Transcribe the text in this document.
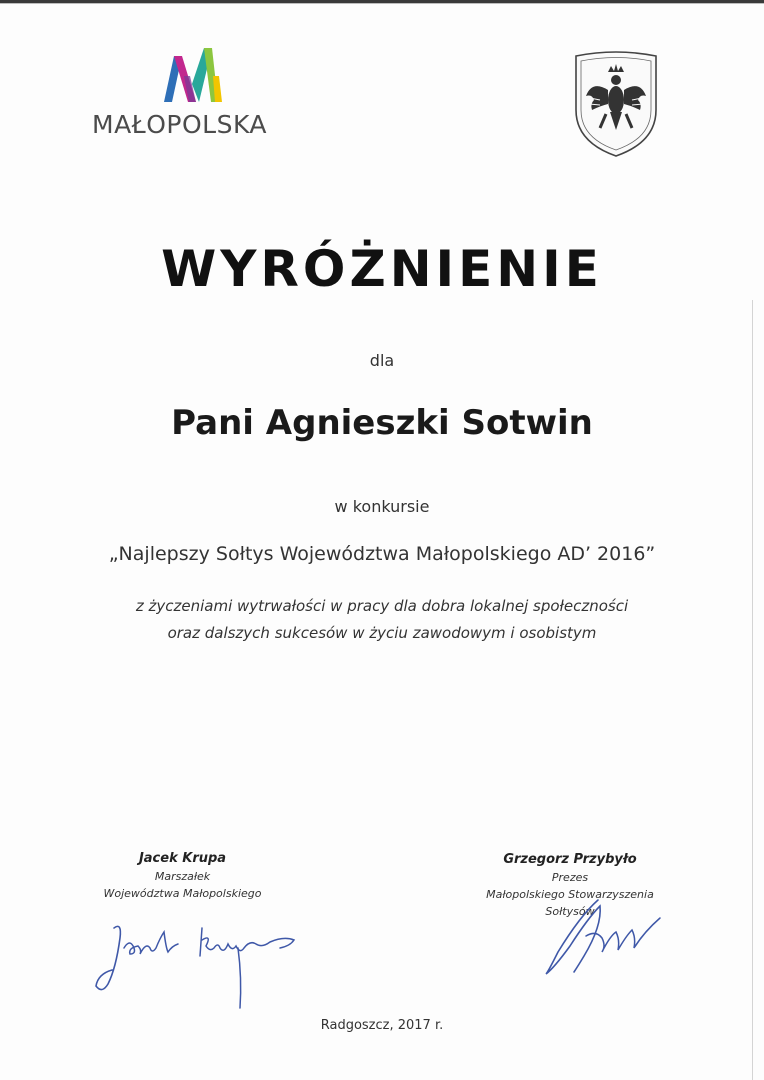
MAŁOPOLSKA
WYRÓŻNIENIE
dla
Pani Agnieszki Sotwin
w konkursie
„Najlepszy Sołtys Województwa Małopolskiego AD’ 2016”
z życzeniami wytrwałości w pracy dla dobra lokalnej społeczności
oraz dalszych sukcesów w życiu zawodowym i osobistym
Jacek Krupa
Marszałek
Województwa Małopolskiego
Grzegorz Przybyło
Prezes
Małopolskiego Stowarzyszenia
Sołtysów
Radgoszcz, 2017 r.
